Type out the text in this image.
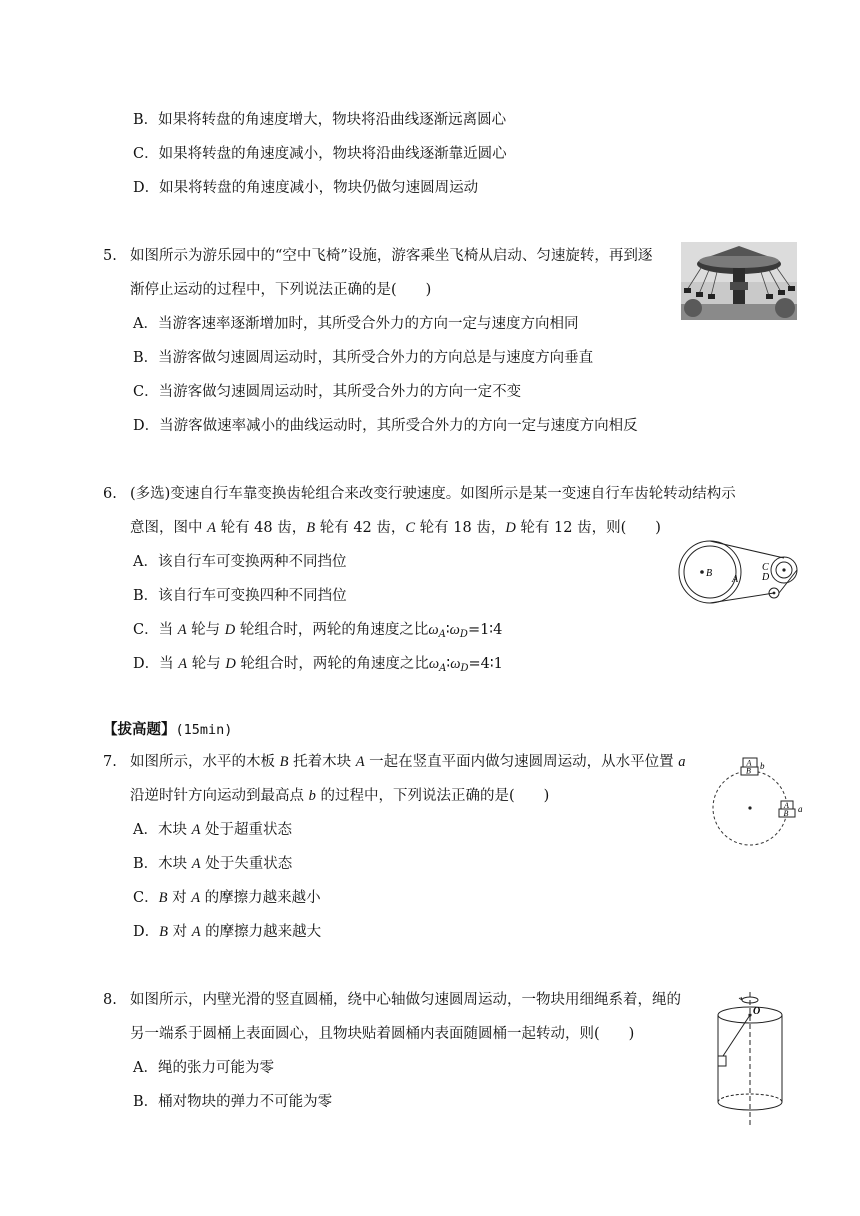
B．如果将转盘的角速度增大，物块将沿曲线逐渐远离圆心
C．如果将转盘的角速度减小，物块将沿曲线逐渐靠近圆心
D．如果将转盘的角速度减小，物块仍做匀速圆周运动
5. 如图所示为游乐园中的“空中飞椅”设施，游客乘坐飞椅从启动、匀速旋转，再到逐
渐停止运动的过程中，下列说法正确的是(　　)
A．当游客速率逐渐增加时，其所受合外力的方向一定与速度方向相同
B．当游客做匀速圆周运动时，其所受合外力的方向总是与速度方向垂直
C．当游客做匀速圆周运动时，其所受合外力的方向一定不变
D．当游客做速率减小的曲线运动时，其所受合外力的方向一定与速度方向相反
6. (多选)变速自行车靠变换齿轮组合来改变行驶速度。如图所示是某一变速自行车齿轮转动结构示
意图，图中 A 轮有 48 齿，B 轮有 42 齿，C 轮有 18 齿，D 轮有 12 齿，则(　　)
A．该自行车可变换两种不同挡位
B．该自行车可变换四种不同挡位
C．当 A 轮与 D 轮组合时，两轮的角速度之比$\omega_A∶\omega_D=1∶4$
D．当 A 轮与 D 轮组合时，两轮的角速度之比$\omega_A∶\omega_D=4∶1$
B
A
C
D
【拔高题】(15min)
7. 如图所示，水平的木板 B 托着木块 A 一起在竖直平面内做匀速圆周运动，从水平位置 a
沿逆时针方向运动到最高点 b 的过程中，下列说法正确的是(　　)
A．木块 A 处于超重状态
B．木块 A 处于失重状态
C．B 对 A 的摩擦力越来越小
D．B 对 A 的摩擦力越来越大
A
B b
A
B a
8. 如图所示，内壁光滑的竖直圆桶，绕中心轴做匀速圆周运动，一物块用细绳系着，绳的
另一端系于圆桶上表面圆心，且物块贴着圆桶内表面随圆桶一起转动，则(　　)
A．绳的张力可能为零
B．桶对物块的弹力不可能为零
O
